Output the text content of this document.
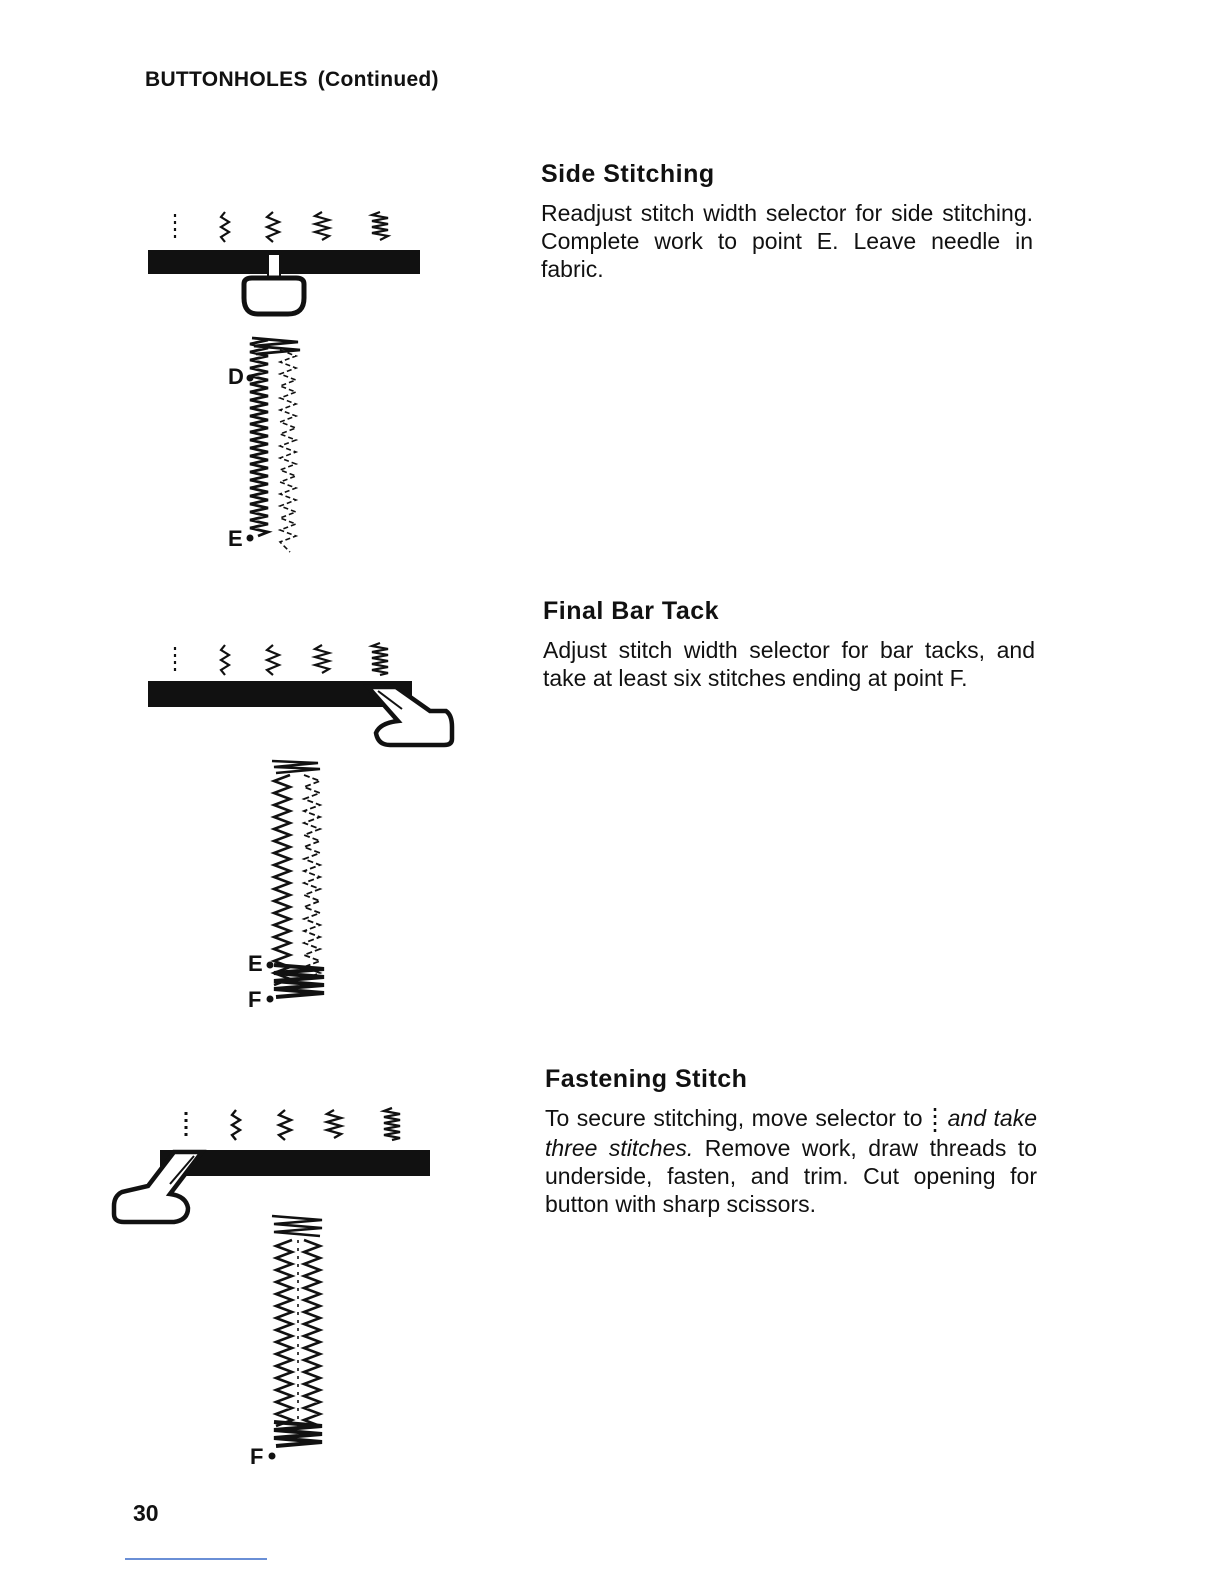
BUTTONHOLES (Continued)
D
E
Side Stitching
Readjust stitch width selector for side stitching. Complete work to point E. Leave needle in fabric.
E
F
Final Bar Tack
Adjust stitch width selector for bar tacks, and take at least six stitches ending at point F.
F
Fastening Stitch
To secure stitching, move selector to and take three stitches. Remove work, draw threads to underside, fasten, and trim. Cut opening for button with sharp scissors.
30
